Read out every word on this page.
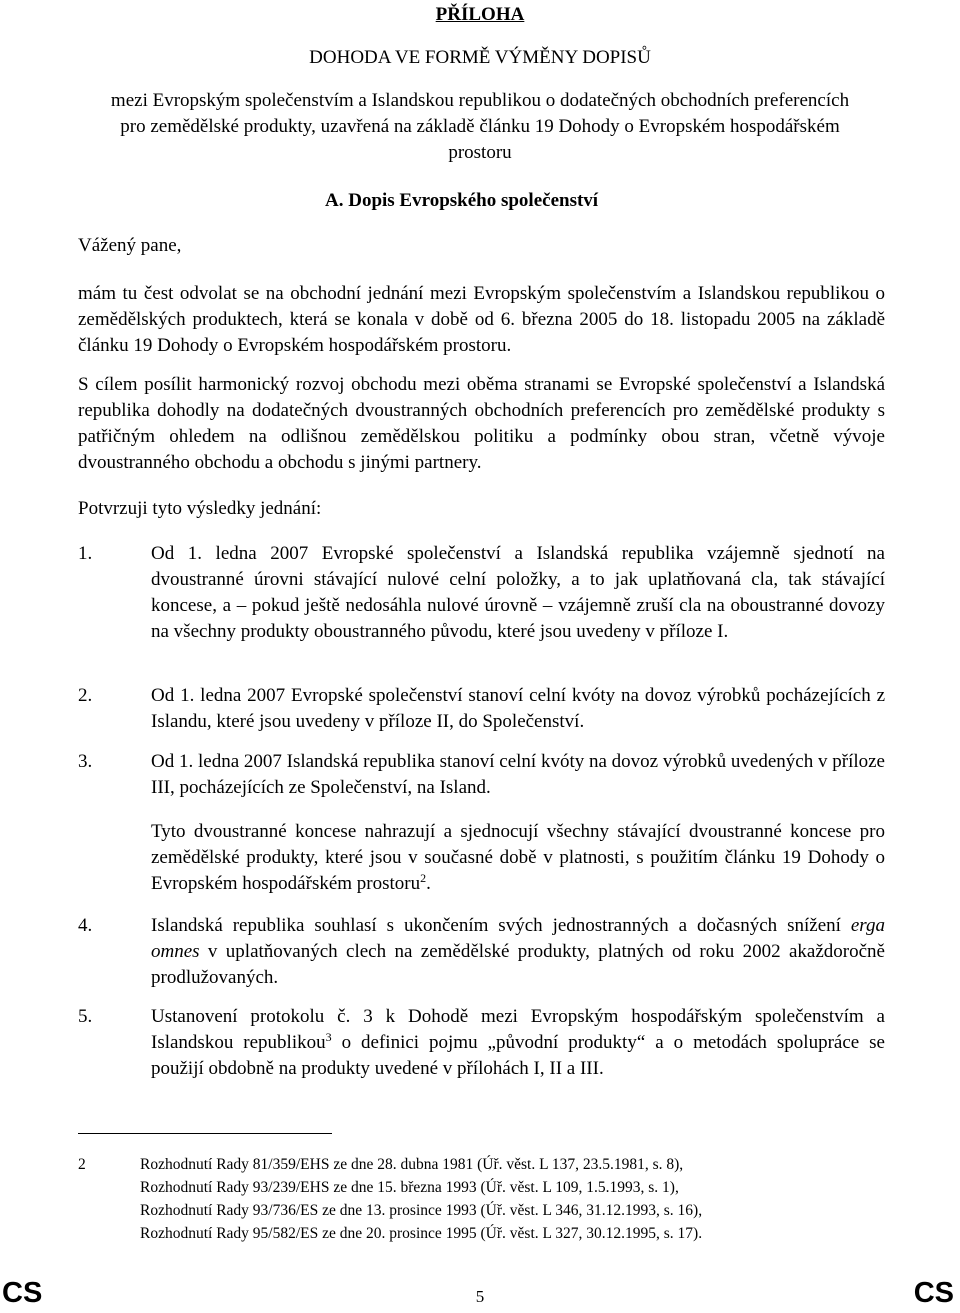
PŘÍLOHA
DOHODA VE FORMĚ VÝMĚNY DOPISŮ
mezi Evropským společenstvím a Islandskou republikou o dodatečných obchodních preferencích pro zemědělské produkty, uzavřená na základě článku 19 Dohody o Evropském hospodářském prostoru
A. Dopis Evropského společenství
Vážený pane,
mám tu čest odvolat se na obchodní jednání mezi Evropským společenstvím a Islandskou republikou o zemědělských produktech, která se konala v době od 6. března 2005 do 18. listopadu 2005 na základě článku 19 Dohody o Evropském hospodářském prostoru.
S cílem posílit harmonický rozvoj obchodu mezi oběma stranami se Evropské společenství a Islandská republika dohodly na dodatečných dvoustranných obchodních preferencích pro zemědělské produkty s patřičným ohledem na odlišnou zemědělskou politiku a podmínky obou stran, včetně vývoje dvoustranného obchodu a obchodu s jinými partnery.
Potvrzuji tyto výsledky jednání:
1.	Od 1. ledna 2007 Evropské společenství a Islandská republika vzájemně sjednotí na dvoustranné úrovni stávající nulové celní položky, a to jak uplatňovaná cla, tak stávající koncese, a – pokud ještě nedosáhla nulové úrovně – vzájemně zruší cla na oboustranné dovozy na všechny produkty oboustranného původu, které jsou uvedeny v příloze I.
2.	Od 1. ledna 2007 Evropské společenství stanoví celní kvóty na dovoz výrobků pocházejících z Islandu, které jsou uvedeny v příloze II, do Společenství.
3.	Od 1. ledna 2007 Islandská republika stanoví celní kvóty na dovoz výrobků uvedených v příloze III, pocházejících ze Společenství, na Island.
Tyto dvoustranné koncese nahrazují a sjednocují všechny stávající dvoustranné koncese pro zemědělské produkty, které jsou v současné době v platnosti, s použitím článku 19 Dohody o Evropském hospodářském prostoru$^2$.
4.	Islandská republika souhlasí s ukončením svých jednostranných a dočasných snížení erga omnes v uplatňovaných clech na zemědělské produkty, platných od roku 2002 akaždoročně prodlužovaných.
5.	Ustanovení protokolu č. 3 k Dohodě mezi Evropským hospodářským společenstvím a Islandskou republikou$^3$ o definici pojmu „původní produkty“ a o metodách spolupráce se použijí obdobně na produkty uvedené v přílohách I, II a III.
2	Rozhodnutí Rady 81/359/EHS ze dne 28. dubna 1981 (Úř. věst. L 137, 23.5.1981, s. 8),
Rozhodnutí Rady 93/239/EHS ze dne 15. března 1993 (Úř. věst. L 109, 1.5.1993, s. 1),
Rozhodnutí Rady 93/736/ES ze dne 13. prosince 1993 (Úř. věst. L 346, 31.12.1993, s. 16),
Rozhodnutí Rady 95/582/ES ze dne 20. prosince 1995 (Úř. věst. L 327, 30.12.1995, s. 17).
CS	5	CS
